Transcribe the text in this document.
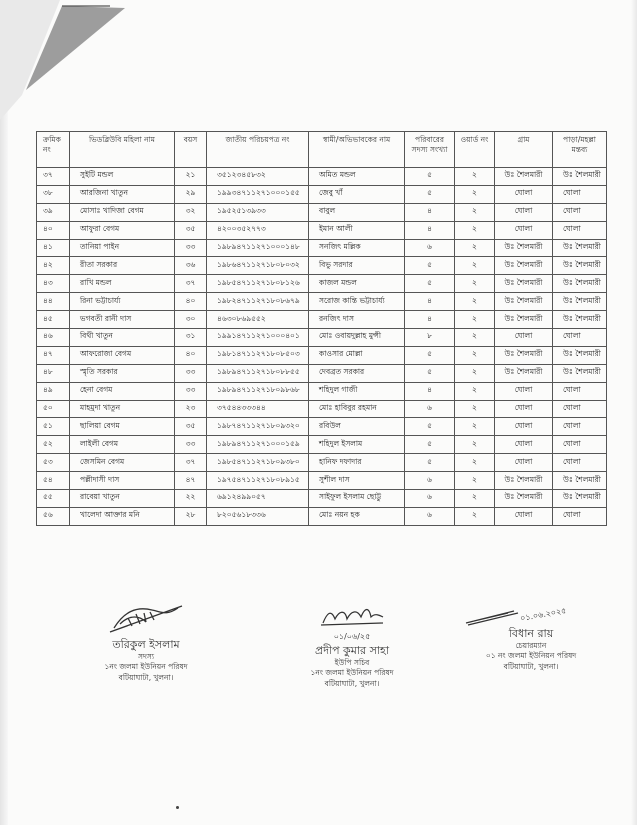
ক্রমিক নং	ভিডব্লিউবি মহিলা নাম	বয়স	জাতীয় পরিচয়পত্র নং	স্বামী/অভিভাবকের নাম	পরিবারের সদস্য সংখ্যা	ওয়ার্ড নং	গ্রাম	পাড়া/মহল্লা মন্তব্য
৩৭	সুইটি মন্ডল	২১	৩৫১২৩৪৫৮৩২	অমিত মন্ডল	৫	২	উঃ শৈলমারী	উঃ শৈলমারী
৩৮	আরজিনা খাতুন	২৯	১৯৯৩৪৭১১২৭১০০০১৫৫	জেবু খাঁ	৫	২	ঘোলা	ঘোলা
৩৯	মোসাঃ খাদিজা বেগম	৩২	১৯৫২৫১৩৯৩৩	বাবুল	৪	২	ঘোলা	ঘোলা
৪০	আফুরা বেগম	৩৫	৪২০০৩৫২৭৭৩	ইমান আলী	৪	২	ঘোলা	ঘোলা
৪১	তানিয়া পাইন	৩৩	১৯৮৯৪৭১১২৭১০০০১৪৮	সনজিৎ মল্লিক	৬	২	উঃ শৈলমারী	উঃ শৈলমারী
৪২	রীতা সরকার	৩৬	১৯৮৬৪৭১১২৭১৮০৮০৩২	বিভু সরদার	৫	২	উঃ শৈলমারী	উঃ শৈলমারী
৪৩	রাখি মন্ডল	৩৭	১৯৮৫৪৭১১২৭১৮০৮১২৬	কাজল মন্ডল	৫	২	উঃ শৈলমারী	উঃ শৈলমারী
৪৪	রিনা ভট্টাচার্য্য	৪০	১৯৮২৪৭১১২৭১৮০৮৬৭৯	সরোজ কান্তি ভট্টাচার্য্য	৪	২	উঃ শৈলমারী	উঃ শৈলমারী
৪৫	ভগবতী রানী দাস	৩০	৪৬৩০৮৬৯৫৫২	রনজিৎ দাস	৪	২	উঃ শৈলমারী	উঃ শৈলমারী
৪৬	বিথী খাতুন	৩১	১৯৯১৪৭১১২৭১০০০৪০১	মোঃ ওবায়দুল্লাহ মুন্সী	৮	২	ঘোলা	ঘোলা
৪৭	আফরোজা বেগম	৪০	১৯৮১৪৭১১২৭১৮০৮৫০৩	কাওসার মোল্লা	৫	২	উঃ শৈলমারী	উঃ শৈলমারী
৪৮	স্মৃতি সরকার	৩৩	১৯৮৯৪৭১১২৭১৮০৮৮৫৫	দেবব্রত সরকার	৫	২	উঃ শৈলমারী	উঃ শৈলমারী
৪৯	হেনা বেগম	৩৩	১৯৮৯৪৭১১২৭১৮০৯৮৬৮	শহিদুল গাজী	৪	২	ঘোলা	ঘোলা
৫০	মাহমুদা খাতুন	২৩	৩৭৫৪৪৩৩৩৪৪	মোঃ হাবিবুর রহমান	৬	২	ঘোলা	ঘোলা
৫১	ছালিয়া বেগম	৩৫	১৯৮৭৪৭১১২৭১৮০৯৩২০	রবিউল	৫	২	ঘোলা	ঘোলা
৫২	লাইলী বেগম	৩৩	১৯৮৯৪৭১১২৭১০০০১৫৯	শহিদুল ইসলাম	৫	২	ঘোলা	ঘোলা
৫৩	জেসমিন বেগম	৩৭	১৯৮৫৪৭১১২৭১৮০৯৩৮০	হানিফ দফাদার	৫	২	ঘোলা	ঘোলা
৫৪	পল্লীদাসী দাস	৪৭	১৯৭৫৪৭১১২৭১৮০৮৯১৫	সুশীল দাস	৬	২	উঃ শৈলমারী	উঃ শৈলমারী
৫৫	রাবেয়া খাতুন	২২	৬৯১২৪৯৯০৫৭	সাইফুল ইসলাম ছোট্টু	৬	২	উঃ শৈলমারী	উঃ শৈলমারী
৫৬	খালেদা আক্তার মনি	২৮	৮২০৫৬১৮৩৩৬	মোঃ নয়ন হক	৬	২	ঘোলা	ঘোলা
তরিকুল ইসলাম
সদস্য
১নং জলমা ইউনিয়ন পরিষদ
বটিয়াঘাটা, খুলনা।
০১/০৬/২৫
প্রদীপ কুমার সাহা
ইউপি সচিব
১নং জলমা ইউনিয়ন পরিষদ
বটিয়াঘাটা, খুলনা।
০১.০৬.২০২৫
বিধান রায়
চেয়ারম্যান
০১ নং জলমা ইউনিয়ন পরিষদ
বটিয়াঘাটা, খুলনা।
